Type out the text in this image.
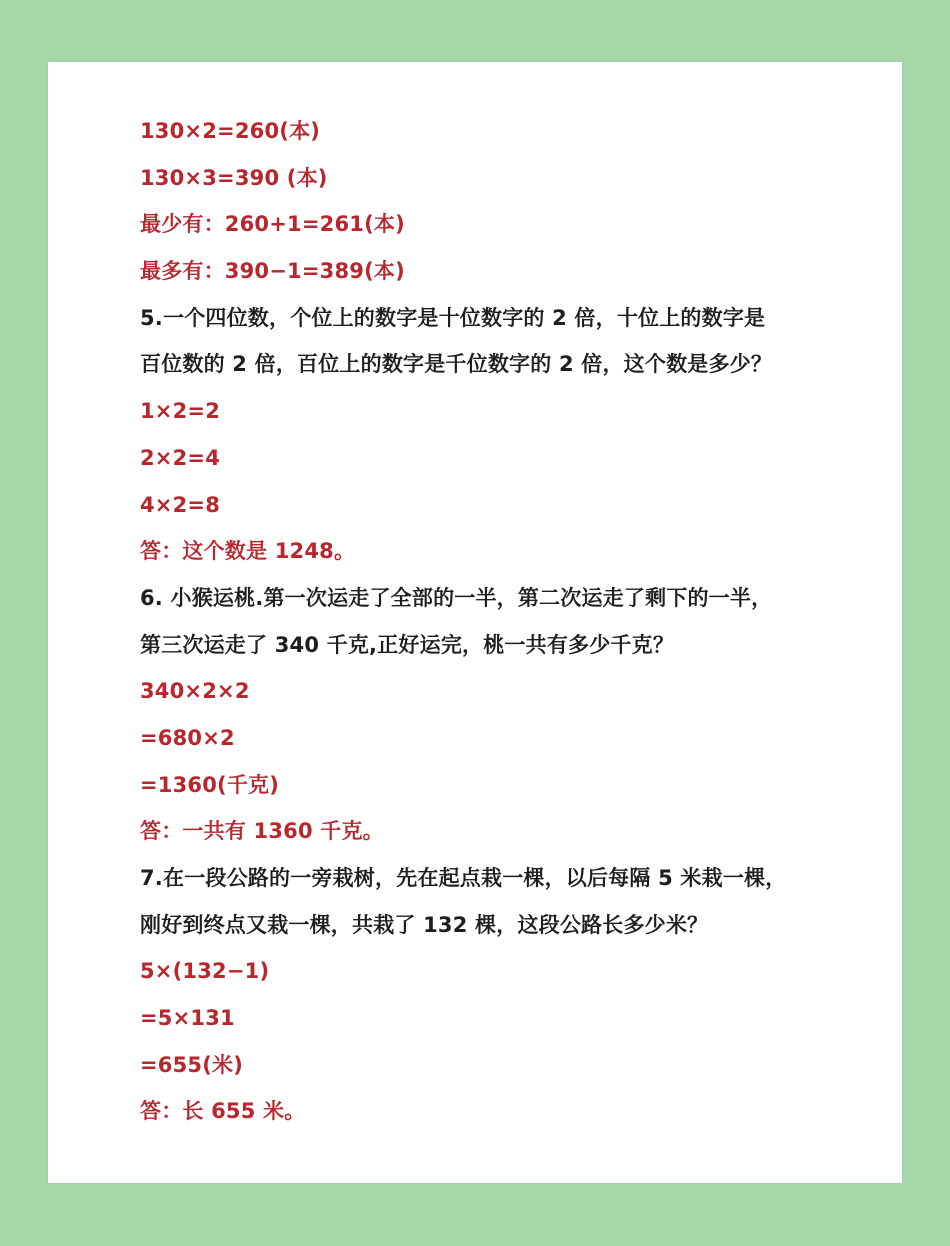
130×2=260(本)
130×3=390 (本)
最少有：260+1=261(本)
最多有：390−1=389(本)
5.一个四位数，个位上的数字是十位数字的 2 倍，十位上的数字是
百位数的 2 倍，百位上的数字是千位数字的 2 倍，这个数是多少？
1×2=2
2×2=4
4×2=8
答：这个数是 1248。
6. 小猴运桃.第一次运走了全部的一半，第二次运走了剩下的一半，
第三次运走了 340 千克,正好运完，桃一共有多少千克？
340×2×2
=680×2
=1360(千克)
答：一共有 1360 千克。
7.在一段公路的一旁栽树，先在起点栽一棵，以后每隔 5 米栽一棵，
刚好到终点又栽一棵，共栽了 132 棵，这段公路长多少米？
5×(132−1)
=5×131
=655(米)
答：长 655 米。
